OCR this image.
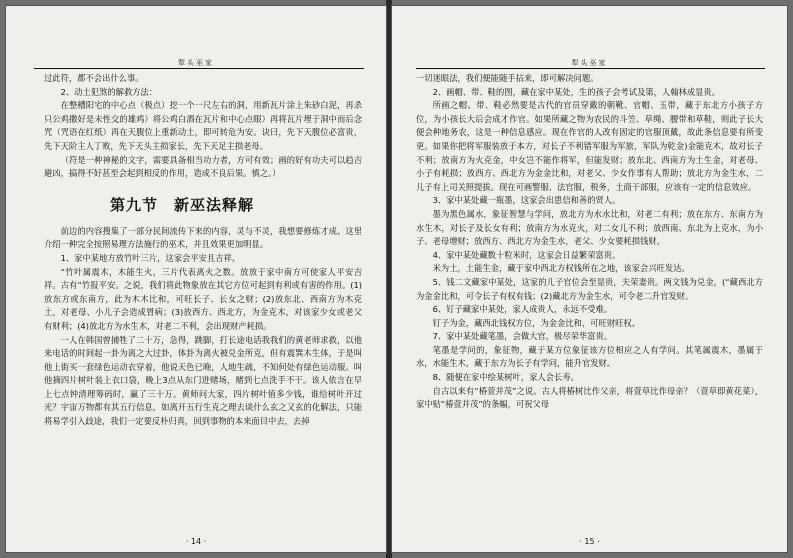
犁头巫家

过此符，都不会出什么事。

2、动土犯煞的解救方法：

在整槽阳宅的中心点（极点）挖一个一尺左右的洞，用新瓦片涂上朱砂白泥，再杀只公鸡撒好是未性交的雄鸡）将公鸡白酒在瓦片和中心点眼）再将瓦片埋于洞中而后念咒（咒语在红纸）再在天腹位上重新动土，即可转危为安。诀曰，先下天腹位必富贵，先下天阶主人丁败，先下天头主损家长，先下天足主损老母。

（符是一种神秘的文字，需要具备相当功力者，方可有效；画的好有功夫可以趋吉避凶，搞得不好甚至会起到相反的作用，造成不良后果。慎之。）

第九节　新巫法释解

前边的内容搜集了一部分民间流传下来的内容，灵与不灵，我想要修炼才成。这里介绍一种完全按照易理方法施行的巫术，并且效果更加明显。

1、家中某地方放竹叶三片，这家会平安且吉祥。

“竹叶属震木，木能生火，三片代表离火之数。放放于家中南方可使家人平安吉祥。古有“竹报平安。之说，我们将此物象放在其它方位可起到有利或有害的作用。(1)放东方或东南方，此为木木比和，可旺长子、长女之财；(2)放东北、西南方为木克土，对老母、小儿子会造成胃病；(3)放西方、西北方，为金克木，对该家少女或老父有财利；(4)放北方为水生木，对老二不利，会出现财产耗损。

一人在韩国曾捕牲了二十万，急得，跳脚，打长途电话我我们的黄老师求救，以他来电话的时间起一卦为离之大过卦，体卦为离火被兑金所克，但有震巽木生体，于是叫他上街买一套绿色运动衣穿着，他说天色已晚，人地生疏，不知何处有绿色运动服。叫他摘四片树叶装上衣口袋，晚上3点从东门进赌场，赌到七点洗手不干。该人依言在早上七点钟清理筹码时，赢了三十万。黄师问大家，四片树叶值多少钱，谁给树叶开过光？宇宙万物都有其五行信息，如离开五行生克之理去谈什么玄之又玄的化解法，只能将易学引入歧途，我们一定要反朴归真，回到事物的本来面目中去，去掉

· 14 ·
犁头巫家

一切迷眼法，我们便能随手拈来，即可解决问题。

2、画帽、带、鞋的图，藏在家中某处，生的孩子会考试及第，人翰林成显贵。

所画之帽、带、鞋必然要是古代的官员穿戴的朝靴、官帽、玉带，藏于东北方小孩子方位，为小孩长大后会成才作官。如果所藏之物为农民的斗笠、草绳、腰带和草鞋，则此子长大便会种地务农，这是一种信息感应。现在作官的人改有固定的官服顶戴，故此条信息要有所变更。如果你把将军服装放于本方，对长子不利错军服为军旅，军队为乾金)金能克木，故对长子不利；放南方为火克金，中女岂不能作将军，但能发财；放东北、西南方为土生金，对老母、小子有耗损；放西方、西北方为金金比和，对老父、少女作事有人帮助；放北方为金生水，二儿子有上司关照提拔。现在可画警服、法官服，税务，土商干部服，应该有一定的信息效应。

3、家中某处藏一瓶墨，这家会出患信和善的贤人。

墨为黑色属水，象征智慧与学问，放北方为水水比和，对老二有利；放在东方、东南方为水生木，对长子及长女有利；放南方为水克火，对二女儿不利；放西南、东北为上克水，为小子、老母增财；放西方、西北方为金生水，老父、少女要耗损钱财。

4、家中某处藏数十粒米时，这家会日益繁荣富贵。

米为土，土能生金，藏于家中西北方权钱所在之地，该家会兴旺发达。

5、钱二文藏家中某处，这家的儿子官位会至显贵，夫荣妻贵。两文钱为兑金，(“藏西北方为金金比和，可令长子有权有钱；(2)藏北方为金生水，可令老二升官发财。

6、钉子藏家中某处，家人成贵人，永远不受难。

钉子为金，藏西北钱权方位，为金金比和，可旺财旺权。

7、家中某处藏笔墨，会做大官，极尽荣华富贵。

笔墨是学问的，象征物，藏于某方位象征该方位相应之人有学问。其笔属震木，墨属于水，水能生木，藏于东方为长子有学问，能升官发财。

8、随便在家中绘某树叶，家人会长寿。

自古以来有“椿萱并茂”之说。古人将椿树比作父亲，将萱草比作母亲？（萱草即黄花菜），家中贴“椿萱并茂”的条幅，可祝父母

· 15 ·
